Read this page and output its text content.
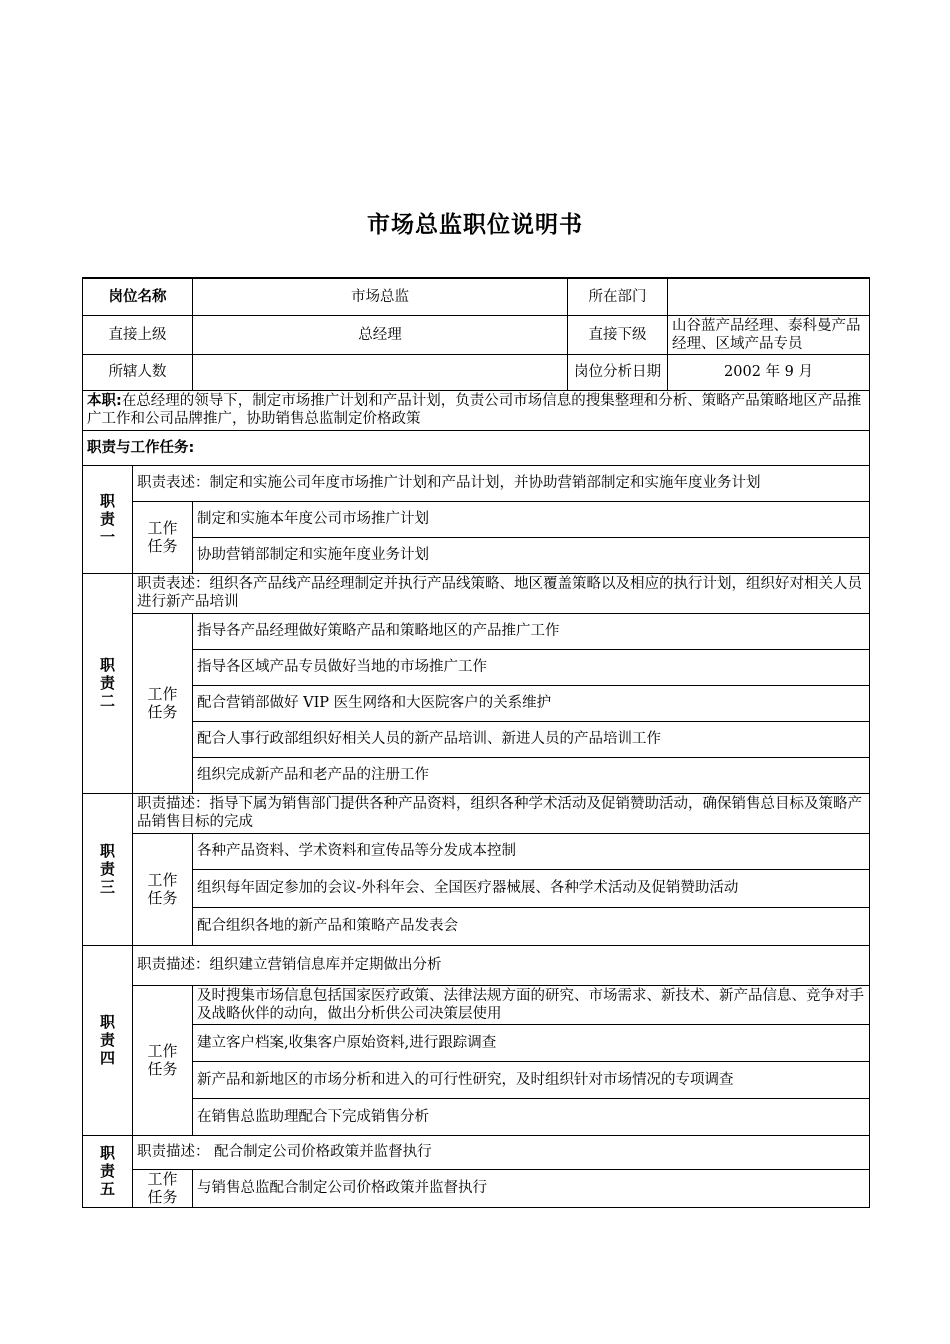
市场总监职位说明书
岗位名称		市场总监	所在部门	
直接上级		总经理	直接下级	山谷蓝产品经理、泰科曼产品经理、区域产品专员
所辖人数			岗位分析日期	2002 年 9 月
本职:在总经理的领导下，制定市场推广计划和产品计划，负责公司市场信息的搜集整理和分析、策略产品策略地区产品推广工作和公司品牌推广，协助销售总监制定价格政策				
职责与工作任务:				

职
责
一	职责表述：制定和实施公司年度市场推广计划和产品计划，并协助营销部制定和实施年度业务计划			

	工作
任务	制定和实施本年度公司市场推广计划		
		协助营销部制定和实施年度业务计划		

职
责
二	职责表述：组织各产品线产品经理制定并执行产品线策略、地区覆盖策略以及相应的执行计划，组织好对相关人员进行新产品培训			

	工作
任务	指导各产品经理做好策略产品和策略地区的产品推广工作		
		指导各区域产品专员做好当地的市场推广工作		
		配合营销部做好 VIP 医生网络和大医院客户的关系维护		
		配合人事行政部组织好相关人员的新产品培训、新进人员的产品培训工作		
		组织完成新产品和老产品的注册工作		

职
责
三	职责描述：指导下属为销售部门提供各种产品资料，组织各种学术活动及促销赞助活动，确保销售总目标及策略产品销售目标的完成			

	工作
任务	各种产品资料、学术资料和宣传品等分发成本控制		
		组织每年固定参加的会议-外科年会、全国医疗器械展、各种学术活动及促销赞助活动		
		配合组织各地的新产品和策略产品发表会		

职
责
四	职责描述：组织建立营销信息库并定期做出分析			

	工作
任务	及时搜集市场信息包括国家医疗政策、法律法规方面的研究、市场需求、新技术、新产品信息、竞争对手及战略伙伴的动向，做出分析供公司决策层使用		
		建立客户档案,收集客户原始资料,进行跟踪调查		
		新产品和新地区的市场分析和进入的可行性研究，及时组织针对市场情况的专项调查		
		在销售总监助理配合下完成销售分析		

职
责
五	职责描述： 配合制定公司价格政策并监督执行			

	工作
任务	与销售总监配合制定公司价格政策并监督执行		
